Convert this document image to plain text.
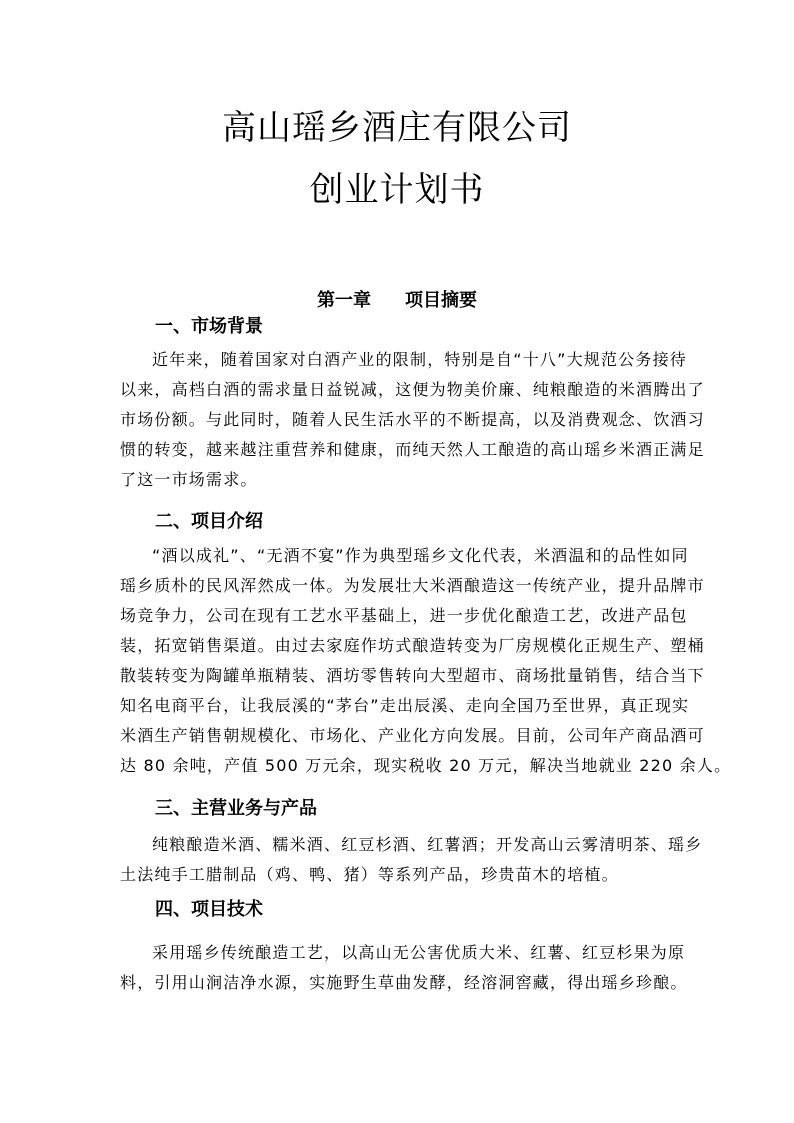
高山瑶乡酒庄有限公司
创业计划书
第一章 项目摘要
一、市场背景
近年来，随着国家对白酒产业的限制，特别是自“十八”大规范公务接待
以来，高档白酒的需求量日益锐减，这便为物美价廉、纯粮酿造的米酒腾出了
市场份额。与此同时，随着人民生活水平的不断提高，以及消费观念、饮酒习
惯的转变，越来越注重营养和健康，而纯天然人工酿造的高山瑶乡米酒正满足
了这一市场需求。
二、项目介绍
“酒以成礼”、“无酒不宴”作为典型瑶乡文化代表，米酒温和的品性如同
瑶乡质朴的民风浑然成一体。为发展壮大米酒酿造这一传统产业，提升品牌市
场竞争力，公司在现有工艺水平基础上，进一步优化酿造工艺，改进产品包
装，拓宽销售渠道。由过去家庭作坊式酿造转变为厂房规模化正规生产、塑桶
散装转变为陶罐单瓶精装、酒坊零售转向大型超市、商场批量销售，结合当下
知名电商平台，让我辰溪的“茅台”走出辰溪、走向全国乃至世界，真正现实
米酒生产销售朝规模化、市场化、产业化方向发展。目前，公司年产商品酒可
达 80 余吨，产值 500 万元余，现实税收 20 万元，解决当地就业 220 余人。
三、主营业务与产品
纯粮酿造米酒、糯米酒、红豆杉酒、红薯酒；开发高山云雾清明茶、瑶乡
土法纯手工腊制品（鸡、鸭、猪）等系列产品，珍贵苗木的培植。
四、项目技术
采用瑶乡传统酿造工艺，以高山无公害优质大米、红薯、红豆杉果为原
料，引用山涧洁净水源，实施野生草曲发酵，经溶洞窖藏，得出瑶乡珍酿。
